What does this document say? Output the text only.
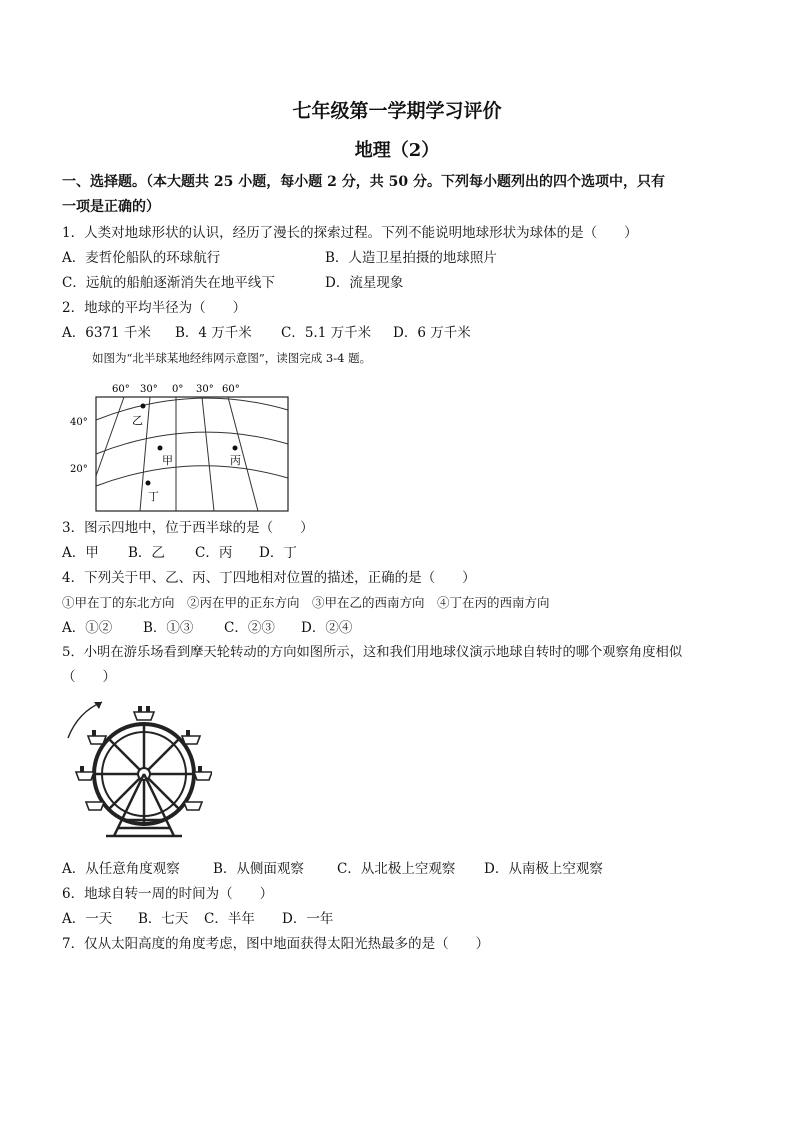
七年级第一学期学习评价
地理（2）
一、选择题。（本大题共 25 小题，每小题 2 分，共 50 分。下列每小题列出的四个选项中，只有
一项是正确的）
1．人类对地球形状的认识，经历了漫长的探索过程。下列不能说明地球形状为球体的是（　　）
A．麦哲伦船队的环球航行	B．人造卫星拍摄的地球照片
C．远航的船舶逐渐消失在地平线下	D．流星现象
2．地球的平均半径为（　　）
A．6371 千米 B．4 万千米 C．5.1 万千米 D．6 万千米
如图为“北半球某地经纬网示意图”，读图完成 3-4 题。
60° 30° 0° 30° 60°
40°
20°
乙
甲	丙
丁
3．图示四地中，位于西半球的是（　　）
A．甲 B．乙 C．丙 D．丁
4．下列关于甲、乙、丙、丁四地相对位置的描述，正确的是（　　）
①甲在丁的东北方向　②丙在甲的正东方向　③甲在乙的西南方向　④丁在丙的西南方向
A．①② B．①③ C．②③ D．②④
5．小明在游乐场看到摩天轮转动的方向如图所示，这和我们用地球仪演示地球自转时的哪个观察角度相似
（　　）
A．从任意角度观察 B．从侧面观察 C．从北极上空观察 D．从南极上空观察
6．地球自转一周的时间为（　　）
A．一天 B．七天 C．半年 D．一年
7．仅从太阳高度的角度考虑，图中地面获得太阳光热最多的是（　　）
